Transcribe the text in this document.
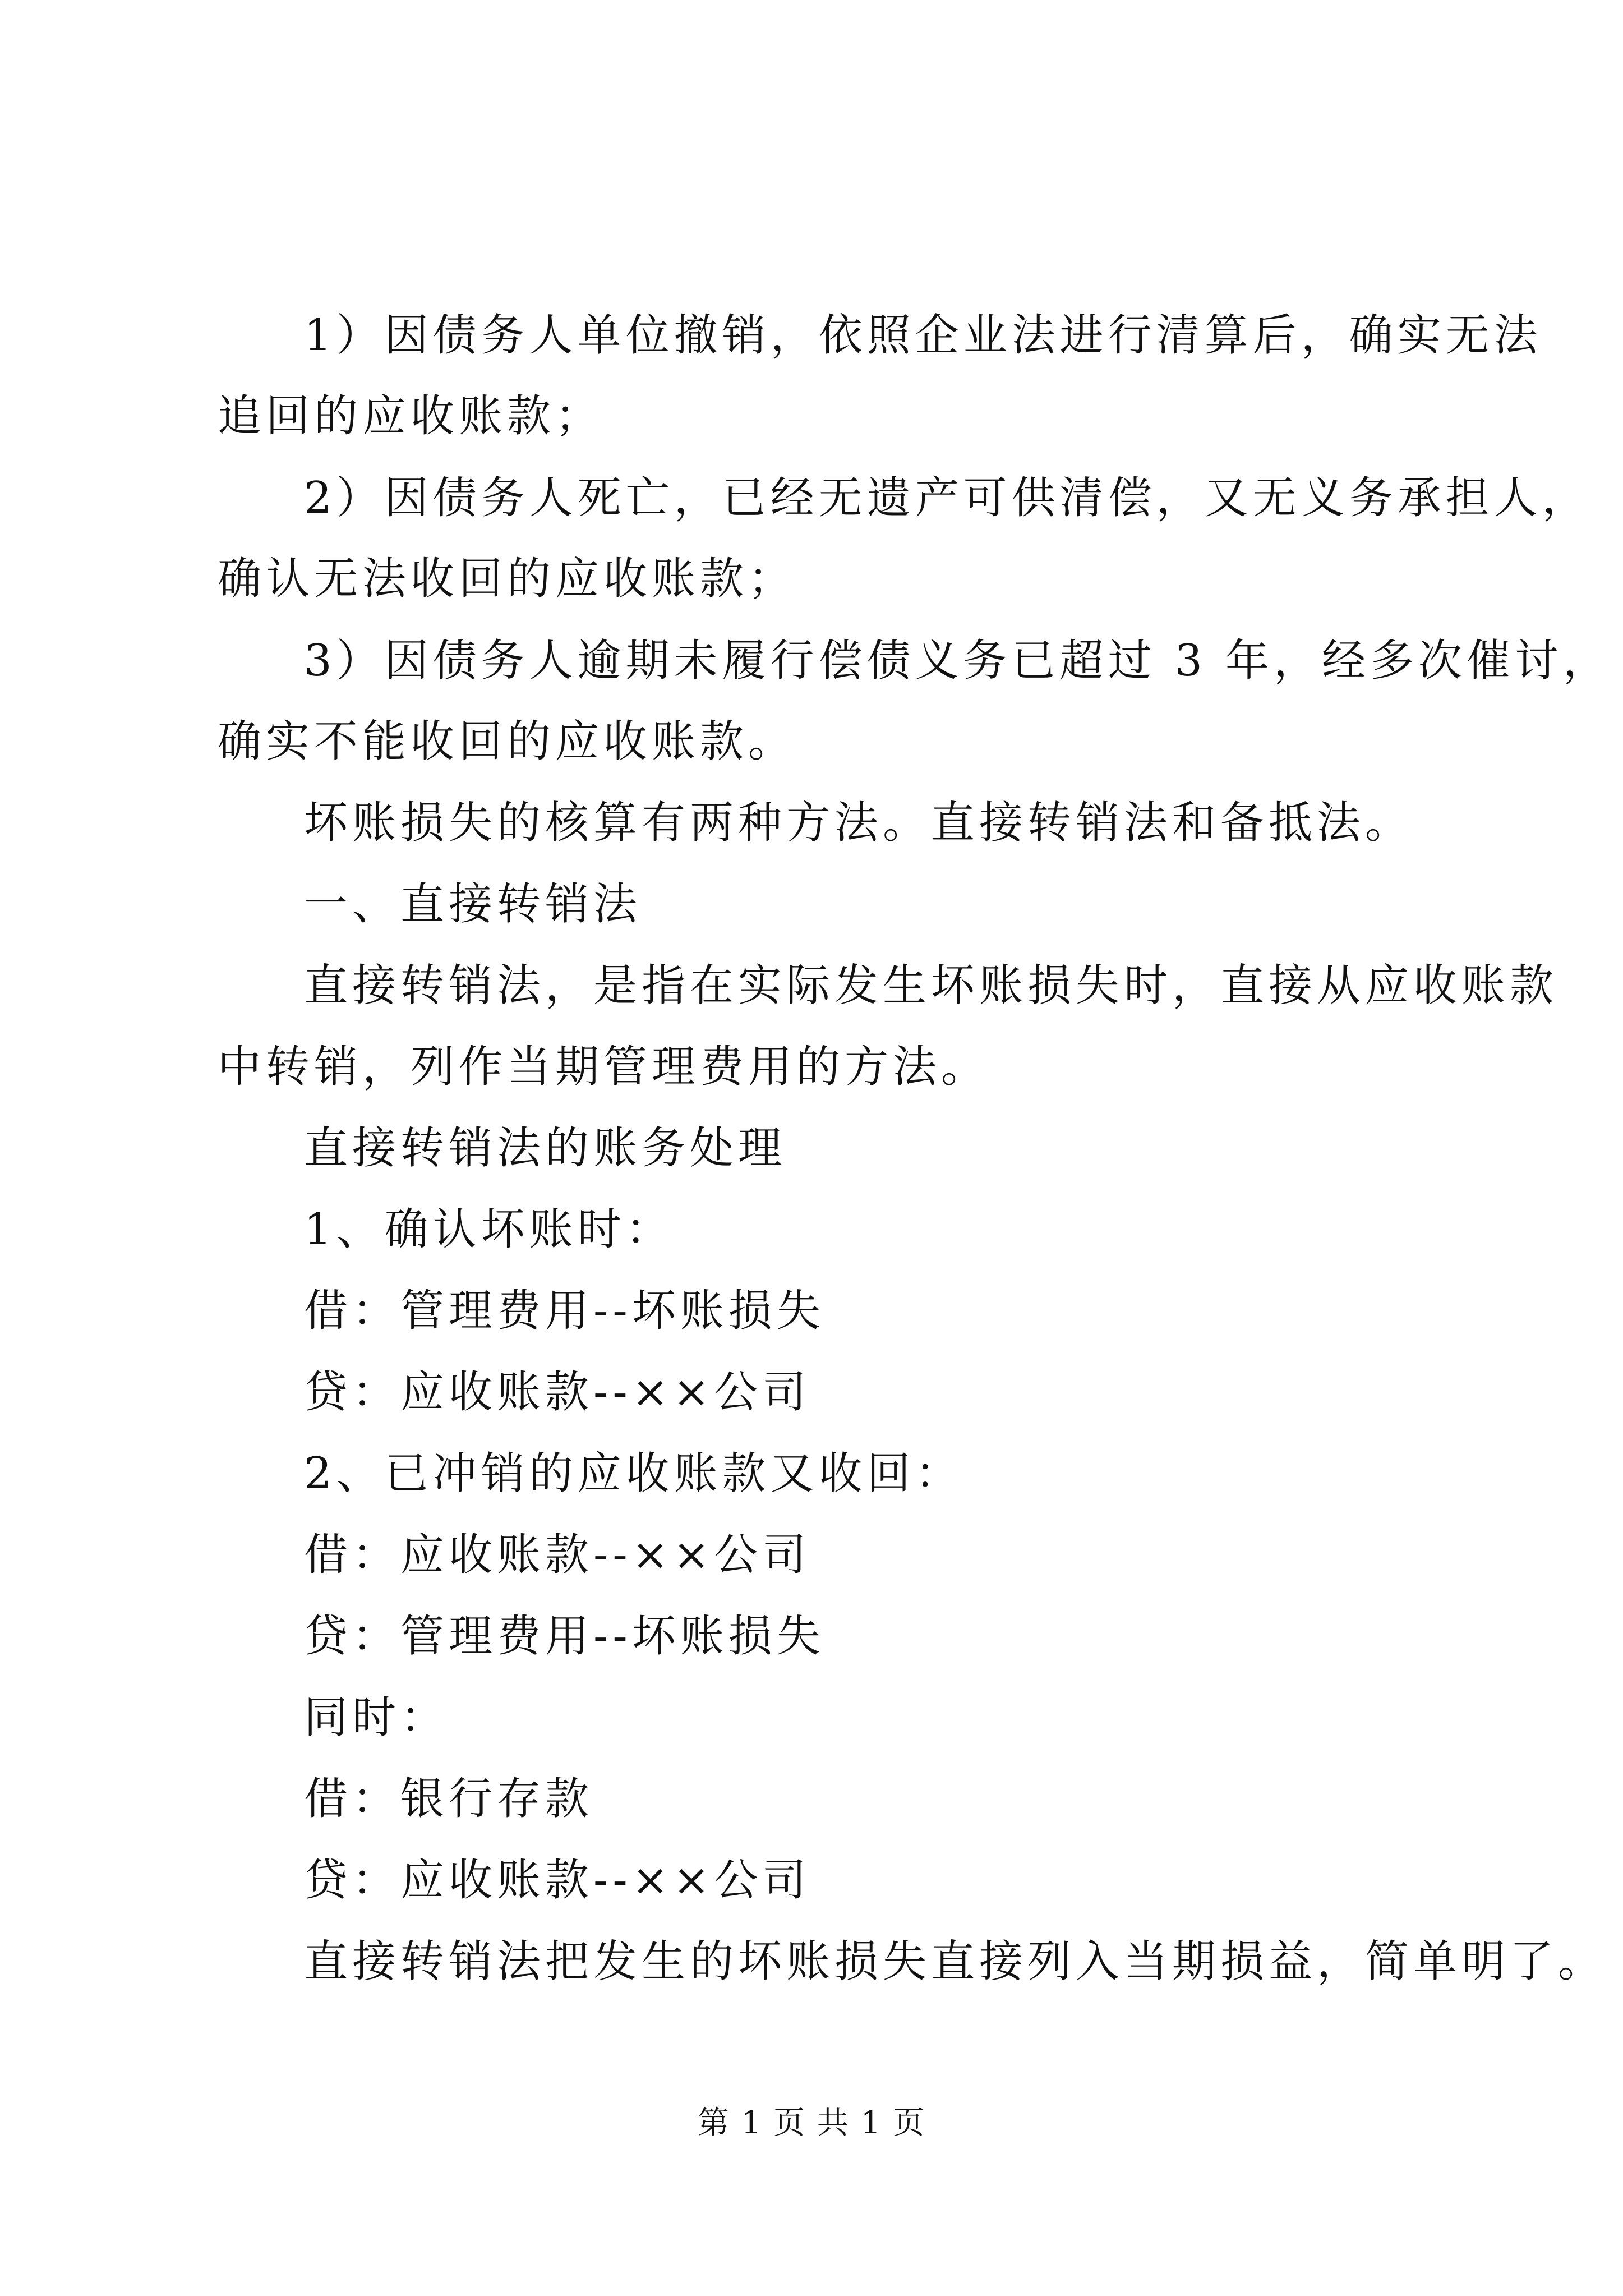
1）因债务人单位撤销，依照企业法进行清算后，确实无法
追回的应收账款；
2）因债务人死亡，已经无遗产可供清偿，又无义务承担人，
确认无法收回的应收账款；
3）因债务人逾期未履行偿债义务已超过 3 年，经多次催讨，
确实不能收回的应收账款。
坏账损失的核算有两种方法。直接转销法和备抵法。
一、直接转销法
直接转销法，是指在实际发生坏账损失时，直接从应收账款
中转销，列作当期管理费用的方法。
直接转销法的账务处理
1、确认坏账时：
借：管理费用--坏账损失
贷：应收账款--××公司
2、已冲销的应收账款又收回：
借：应收账款--××公司
贷：管理费用--坏账损失
同时：
借：银行存款
贷：应收账款--××公司
直接转销法把发生的坏账损失直接列入当期损益，简单明了。
第 1 页 共 1 页
